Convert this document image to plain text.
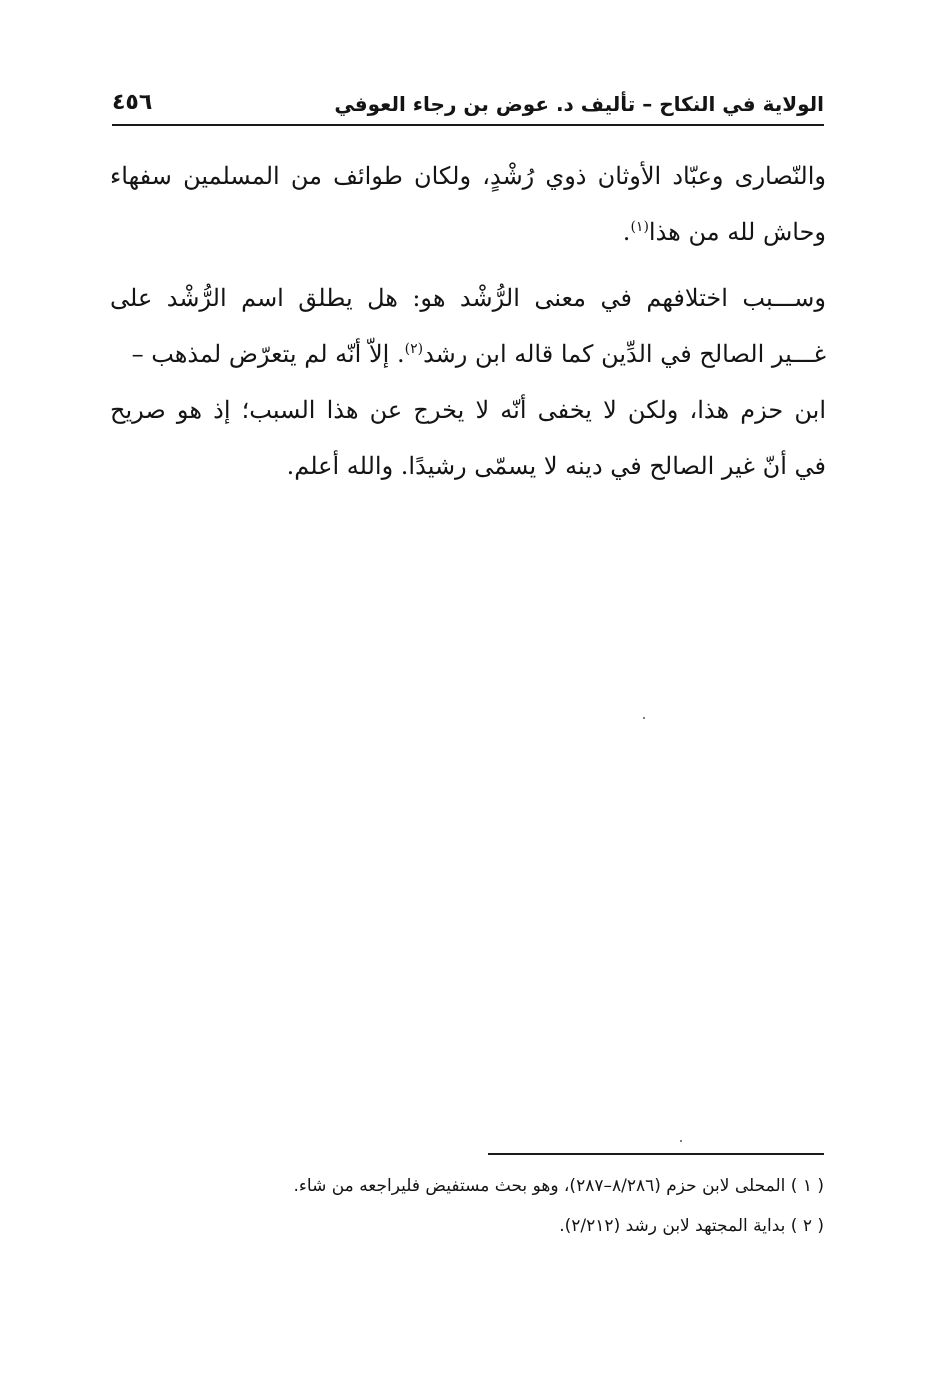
الولاية في النكاح – تأليف د. عوض بن رجاء العوفي
٤٥٦
والنّصارى وعبّاد الأوثان ذوي رُشْدٍ، ولكان طوائف من المسلمين سفهاء
وحاش لله من هذا$^{(١)}$.
وســـبب اختلافهم في معنى الرُّشْد هو: هل يطلق اسم الرُّشْد على
غـــير الصالح في الدِّين كما قاله ابن رشد$^{(٢)}$. إلاّ أنّه لم يتعرّض لمذهب –
ابن حزم هذا، ولكن لا يخفى أنّه لا يخرج عن هذا السبب؛ إذ هو صريح
في أنّ غير الصالح في دينه لا يسمّى رشيدًا. والله أعلم.
( ١ ) المحلى لابن حزم (٨/٢٨٦–٢٨٧)، وهو بحث مستفيض فليراجعه من شاء.
( ٢ ) بداية المجتهد لابن رشد (٢/٢١٢).
